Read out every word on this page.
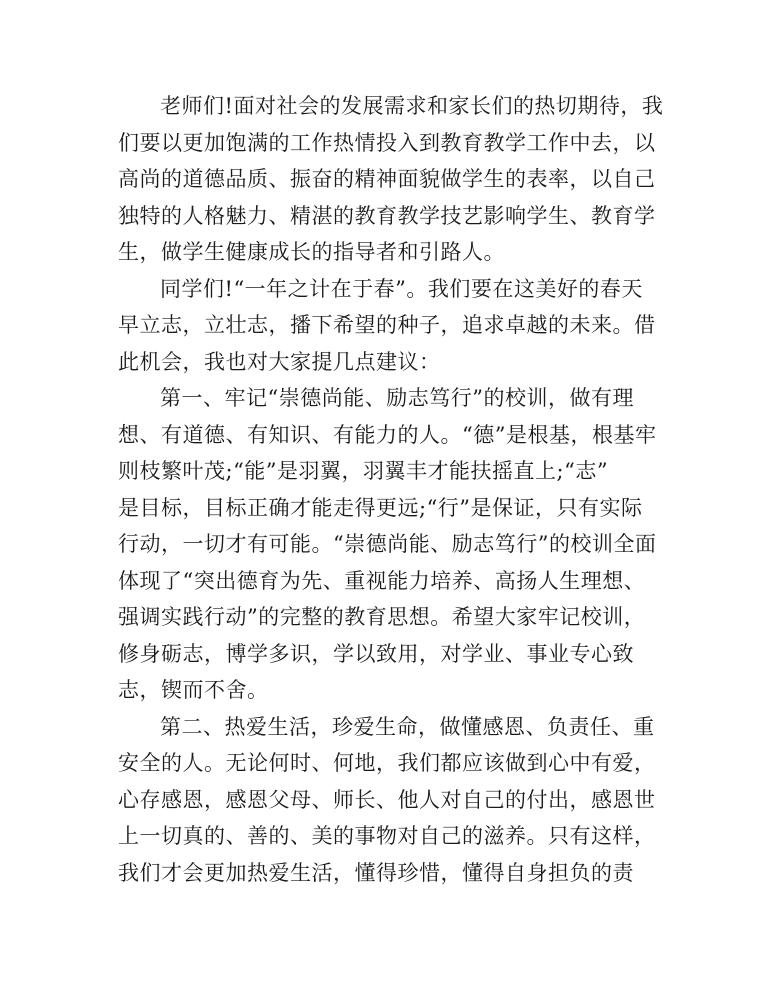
老师们!面对社会的发展需求和家长们的热切期待，我
们要以更加饱满的工作热情投入到教育教学工作中去，以
高尚的道德品质、振奋的精神面貌做学生的表率，以自己
独特的人格魅力、精湛的教育教学技艺影响学生、教育学
生，做学生健康成长的指导者和引路人。
同学们!“一年之计在于春”。我们要在这美好的春天
早立志，立壮志，播下希望的种子，追求卓越的未来。借
此机会，我也对大家提几点建议：
第一、牢记“崇德尚能、励志笃行”的校训，做有理
想、有道德、有知识、有能力的人。“德”是根基，根基牢
则枝繁叶茂;“能”是羽翼，羽翼丰才能扶摇直上;“志”
是目标，目标正确才能走得更远;“行”是保证，只有实际
行动，一切才有可能。“崇德尚能、励志笃行”的校训全面
体现了“突出德育为先、重视能力培养、高扬人生理想、
强调实践行动”的完整的教育思想。希望大家牢记校训，
修身砺志，博学多识，学以致用，对学业、事业专心致
志，锲而不舍。
第二、热爱生活，珍爱生命，做懂感恩、负责任、重
安全的人。无论何时、何地，我们都应该做到心中有爱，
心存感恩，感恩父母、师长、他人对自己的付出，感恩世
上一切真的、善的、美的事物对自己的滋养。只有这样，
我们才会更加热爱生活，懂得珍惜，懂得自身担负的责
